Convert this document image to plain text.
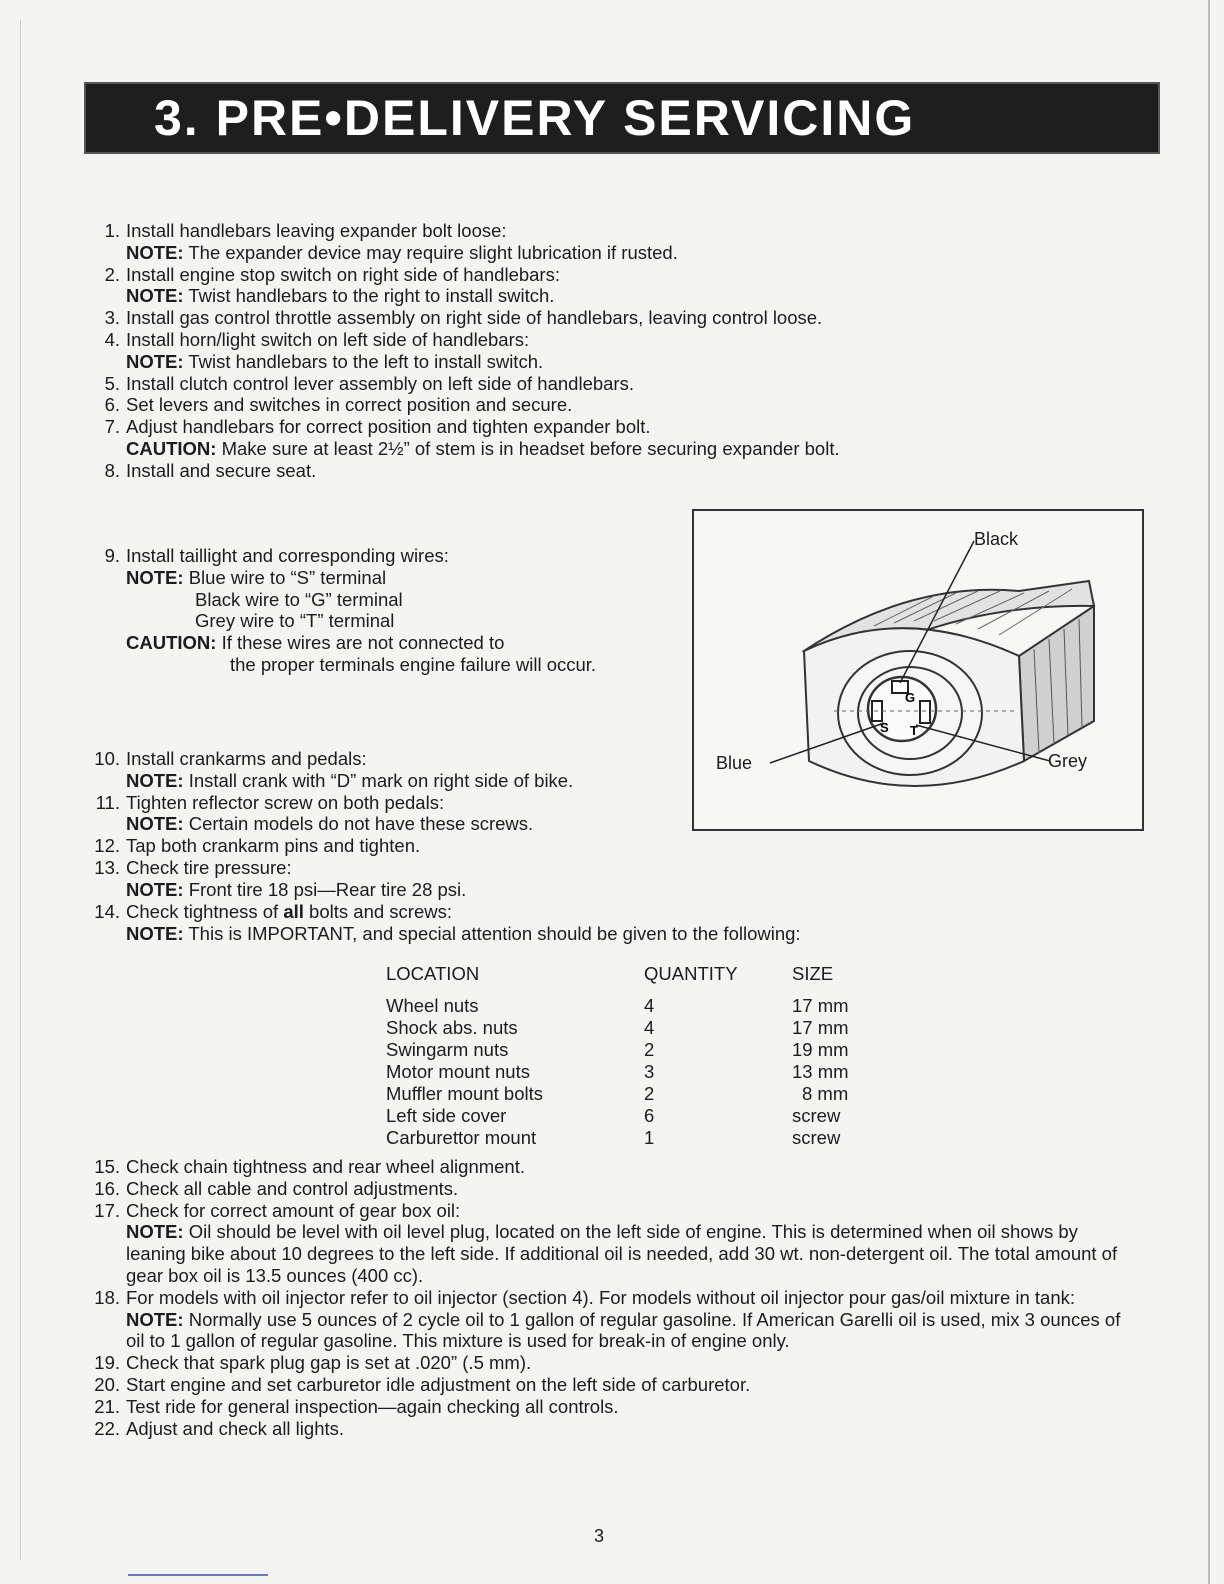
3. PRE•DELIVERY SERVICING
1. Install handlebars leaving expander bolt loose:
NOTE: The expander device may require slight lubrication if rusted.
2. Install engine stop switch on right side of handlebars:
NOTE: Twist handlebars to the right to install switch.
3. Install gas control throttle assembly on right side of handlebars, leaving control loose.
4. Install horn/light switch on left side of handlebars:
NOTE: Twist handlebars to the left to install switch.
5. Install clutch control lever assembly on left side of handlebars.
6. Set levers and switches in correct position and secure.
7. Adjust handlebars for correct position and tighten expander bolt.
CAUTION: Make sure at least 2½” of stem is in headset before securing expander bolt.
8. Install and secure seat.
9. Install taillight and corresponding wires:
NOTE: Blue wire to “S” terminal
Black wire to “G” terminal
Grey wire to “T” terminal
CAUTION: If these wires are not connected to
the proper terminals engine failure will occur.
G
S T
Black
Blue	Grey
10. Install crankarms and pedals:
NOTE: Install crank with “D” mark on right side of bike.
11. Tighten reflector screw on both pedals:
NOTE: Certain models do not have these screws.
12. Tap both crankarm pins and tighten.
13. Check tire pressure:
NOTE: Front tire 18 psi—Rear tire 28 psi.
14. Check tightness of all bolts and screws:
NOTE: This is IMPORTANT, and special attention should be given to the following:
LOCATION	QUANTITY	SIZE
Wheel nuts	4	17 mm
Shock abs. nuts	4	17 mm
Swingarm nuts	2	19 mm
Motor mount nuts	3	13 mm
Muffler mount bolts	2	8 mm
Left side cover	6	screw
Carburettor mount	1	screw
15. Check chain tightness and rear wheel alignment.
16. Check all cable and control adjustments.
17. Check for correct amount of gear box oil:
NOTE: Oil should be level with oil level plug, located on the left side of engine. This is determined when oil shows by leaning bike about 10 degrees to the left side. If additional oil is needed, add 30 wt. non-detergent oil. The total amount of gear box oil is 13.5 ounces (400 cc).
18. For models with oil injector refer to oil injector (section 4). For models without oil injector pour gas/oil mixture in tank:
NOTE: Normally use 5 ounces of 2 cycle oil to 1 gallon of regular gasoline. If American Garelli oil is used, mix 3 ounces of oil to 1 gallon of regular gasoline. This mixture is used for break-in of engine only.
19. Check that spark plug gap is set at .020” (.5 mm).
20. Start engine and set carburetor idle adjustment on the left side of carburetor.
21. Test ride for general inspection—again checking all controls.
22. Adjust and check all lights.
3
